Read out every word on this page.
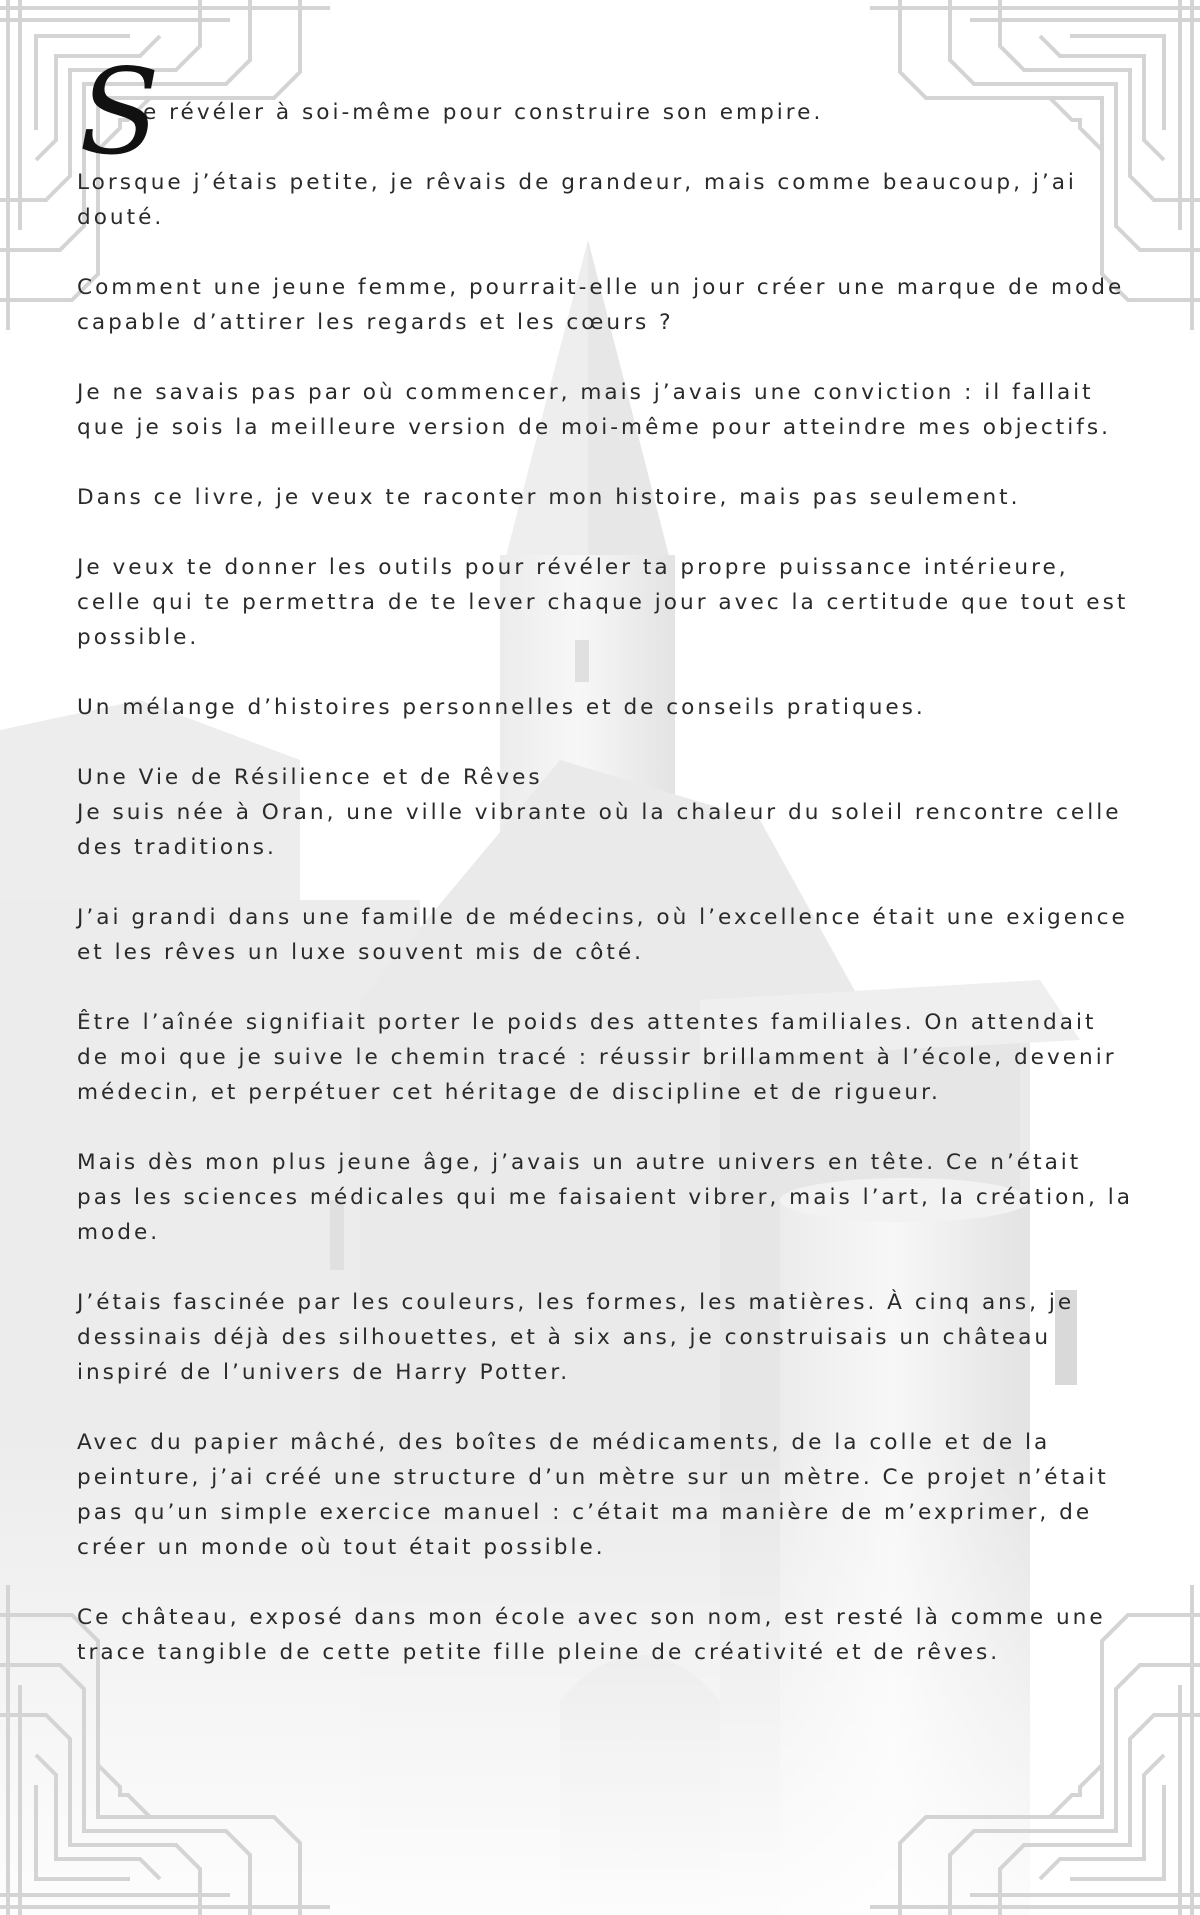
S
e révéler à soi-même pour construire son empire.

Lorsque j’étais petite, je rêvais de grandeur, mais comme beaucoup, j’ai douté.

Comment une jeune femme, pourrait-elle un jour créer une marque de mode capable d’attirer les regards et les cœurs ?

Je ne savais pas par où commencer, mais j’avais une conviction : il fallait que je sois la meilleure version de moi-même pour atteindre mes objectifs.

Dans ce livre, je veux te raconter mon histoire, mais pas seulement.

Je veux te donner les outils pour révéler ta propre puissance intérieure, celle qui te permettra de te lever chaque jour avec la certitude que tout est possible.

Un mélange d’histoires personnelles et de conseils pratiques.

Une Vie de Résilience et de Rêves

Je suis née à Oran, une ville vibrante où la chaleur du soleil rencontre celle des traditions.

J’ai grandi dans une famille de médecins, où l’excellence était une exigence et les rêves un luxe souvent mis de côté.

Être l’aînée signifiait porter le poids des attentes familiales. On attendait de moi que je suive le chemin tracé : réussir brillamment à l’école, devenir médecin, et perpétuer cet héritage de discipline et de rigueur.

Mais dès mon plus jeune âge, j’avais un autre univers en tête. Ce n’était pas les sciences médicales qui me faisaient vibrer, mais l’art, la création, la mode.

J’étais fascinée par les couleurs, les formes, les matières. À cinq ans, je dessinais déjà des silhouettes, et à six ans, je construisais un château inspiré de l’univers de Harry Potter.

Avec du papier mâché, des boîtes de médicaments, de la colle et de la peinture, j’ai créé une structure d’un mètre sur un mètre. Ce projet n’était pas qu’un simple exercice manuel : c’était ma manière de m’exprimer, de créer un monde où tout était possible.

Ce château, exposé dans mon école avec son nom, est resté là comme une trace tangible de cette petite fille pleine de créativité et de rêves.
